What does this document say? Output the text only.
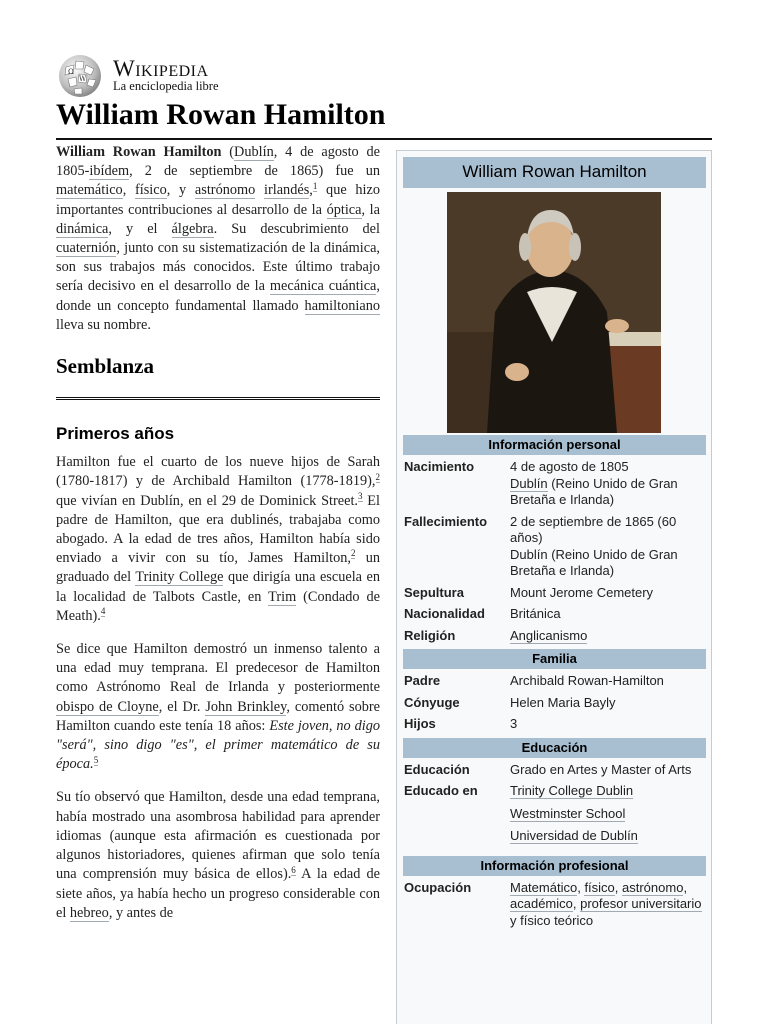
Ω
W Wikipedia
La enciclopedia libre
William Rowan Hamilton

William Rowan Hamilton (Dublín, 4 de agosto de 1805-ibídem, 2 de septiembre de 1865) fue un matemático, físico, y astrónomo irlandés,$^1$ que hizo importantes contribuciones al desarrollo de la óptica, la dinámica, y el álgebra. Su descubrimiento del cuaternión, junto con su sistematización de la dinámica, son sus trabajos más conocidos. Este último trabajo sería decisivo en el desarrollo de la mecánica cuántica, donde un concepto fundamental llamado hamiltoniano lleva su nombre.

Semblanza
Primeros años

Hamilton fue el cuarto de los nueve hijos de Sarah (1780-1817) y de Archibald Hamilton (1778-1819),$^2$ que vivían en Dublín, en el 29 de Dominick Street.$^3$ El padre de Hamilton, que era dublinés, trabajaba como abogado. A la edad de tres años, Hamilton había sido enviado a vivir con su tío, James Hamilton,$^2$ un graduado del Trinity College que dirigía una escuela en la localidad de Talbots Castle, en Trim (Condado de Meath).$^4$

Se dice que Hamilton demostró un inmenso talento a una edad muy temprana. El predecesor de Hamilton como Astrónomo Real de Irlanda y posteriormente obispo de Cloyne, el Dr. John Brinkley, comentó sobre Hamilton cuando este tenía 18 años: Este joven, no digo "será", sino digo "es", el primer matemático de su época.$^5$

Su tío observó que Hamilton, desde una edad temprana, había mostrado una asombrosa habilidad para aprender idiomas (aunque esta afirmación es cuestionada por algunos historiadores, quienes afirman que solo tenía una comprensión muy básica de ellos).$^6$ A la edad de siete años, ya había hecho un progreso considerable con el hebreo, y antes de

William Rowan Hamilton
Información personal
Nacimiento	4 de agosto de 1805
Dublín (Reino Unido de Gran Bretaña e Irlanda)
Fallecimiento	2 de septiembre de 1865 (60 años)
Dublín (Reino Unido de Gran Bretaña e Irlanda)

Sepultura	Mount Jerome Cemetery
Nacionalidad	Británica
Religión	Anglicanismo
Familia
Padre	Archibald Rowan-Hamilton
Cónyuge	Helen Maria Bayly
Hijos	3
Educación
Educación	Grado en Artes y Master of Arts
Educado en	Trinity College Dublin
Westminster School
Universidad de Dublín
Información profesional
Ocupación	Matemático, físico, astrónomo, académico, profesor universitario y físico teórico
